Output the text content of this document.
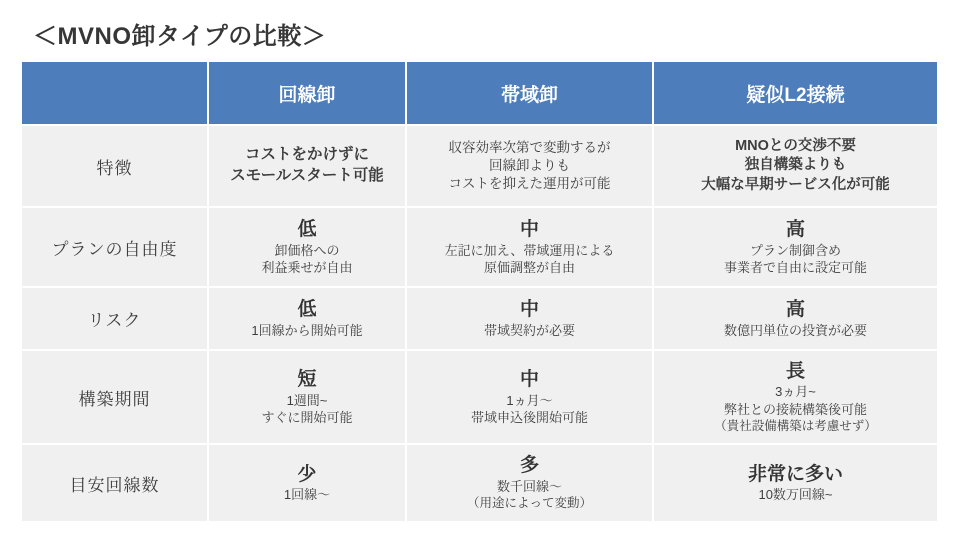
＜MVNO卸タイプの比較＞
回線卸	帯域卸	疑似L2接続
特徴
コストをかけずに
スモールスタート可能
収容効率次第で変動するが
回線卸よりも
コストを抑えた運用が可能
MNOとの交渉不要
独自構築よりも
大幅な早期サービス化が可能
プランの自由度
低
卸価格への
利益乗せが自由
中
左記に加え、帯域運用による
原価調整が自由
高
プラン制御含め
事業者で自由に設定可能
リスク
低
1回線から開始可能
中
帯域契約が必要
高
数億円単位の投資が必要
構築期間
短
1週間~
すぐに開始可能
中
1ヵ月～
帯域申込後開始可能
長
3ヵ月~
弊社との接続構築後可能
（貴社設備構築は考慮せず）
目安回線数
少
1回線～
多
数千回線～
（用途によって変動）
非常に多い
10数万回線~
